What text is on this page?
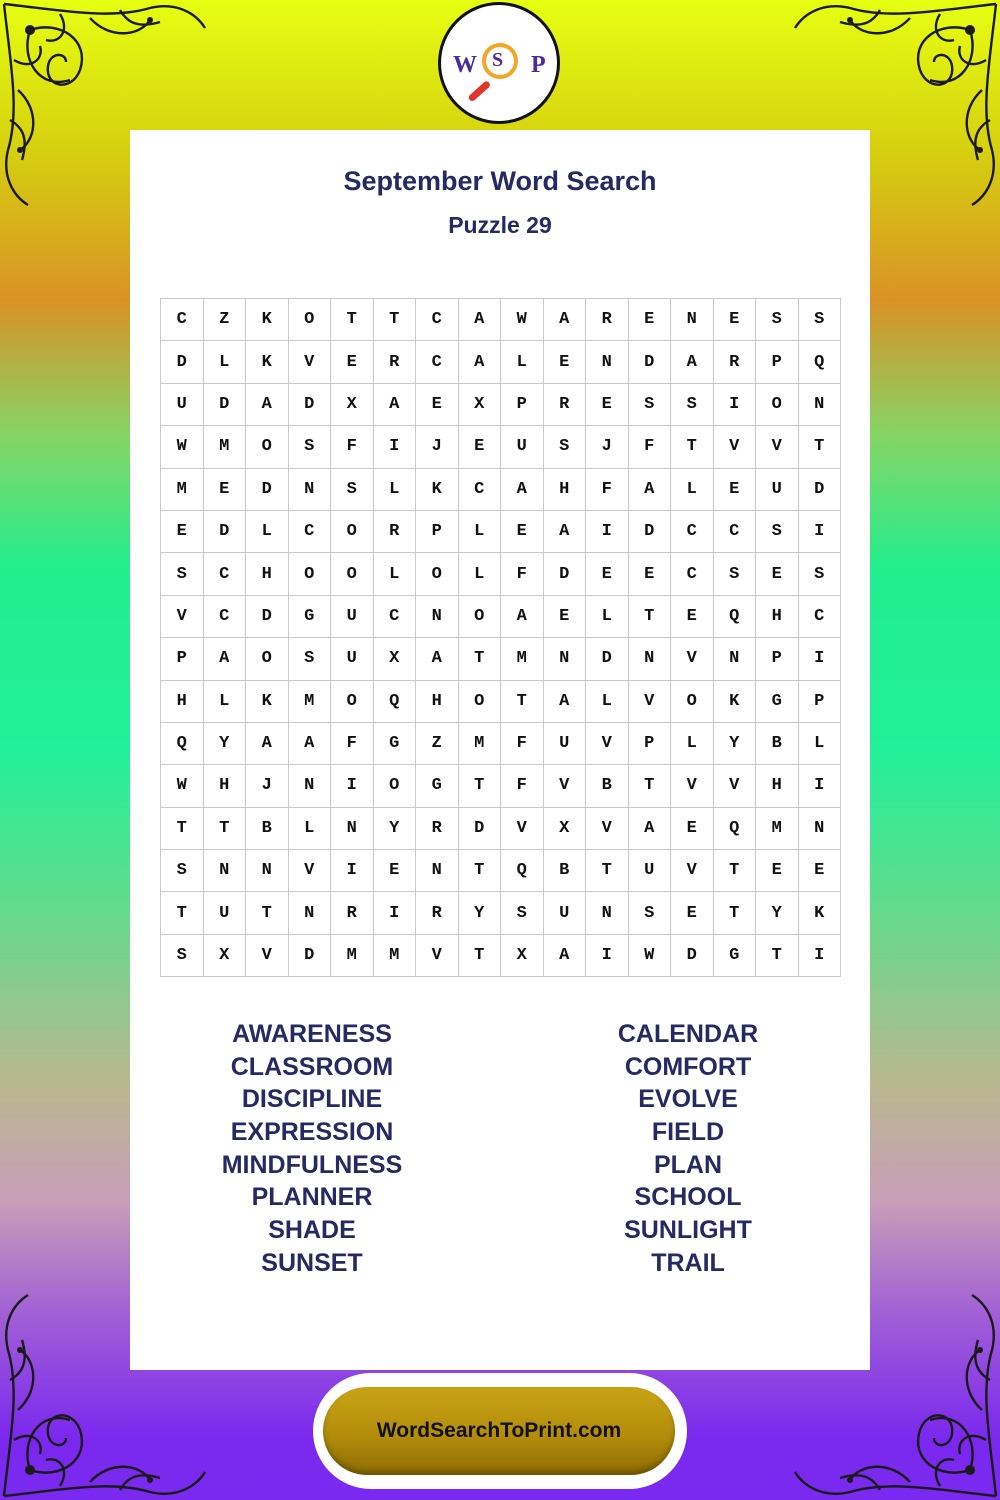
W S P
September Word Search
Puzzle 29
C	Z	K	O	T	T	C	A	W	A	R	E	N	E	S	S
D	L	K	V	E	R	C	A	L	E	N	D	A	R	P	Q
U	D	A	D	X	A	E	X	P	R	E	S	S	I	O	N
W	M	O	S	F	I	J	E	U	S	J	F	T	V	V	T
M	E	D	N	S	L	K	C	A	H	F	A	L	E	U	D
E	D	L	C	O	R	P	L	E	A	I	D	C	C	S	I
S	C	H	O	O	L	O	L	F	D	E	E	C	S	E	S
V	C	D	G	U	C	N	O	A	E	L	T	E	Q	H	C
P	A	O	S	U	X	A	T	M	N	D	N	V	N	P	I
H	L	K	M	O	Q	H	O	T	A	L	V	O	K	G	P
Q	Y	A	A	F	G	Z	M	F	U	V	P	L	Y	B	L
W	H	J	N	I	O	G	T	F	V	B	T	V	V	H	I
T	T	B	L	N	Y	R	D	V	X	V	A	E	Q	M	N
S	N	N	V	I	E	N	T	Q	B	T	U	V	T	E	E
T	U	T	N	R	I	R	Y	S	U	N	S	E	T	Y	K
S	X	V	D	M	M	V	T	X	A	I	W	D	G	T	I
AWARENESS
CLASSROOM
DISCIPLINE
EXPRESSION
MINDFULNESS
PLANNER
SHADE
SUNSET
CALENDAR
COMFORT
EVOLVE
FIELD
PLAN
SCHOOL
SUNLIGHT
TRAIL
WordSearchToPrint.com
